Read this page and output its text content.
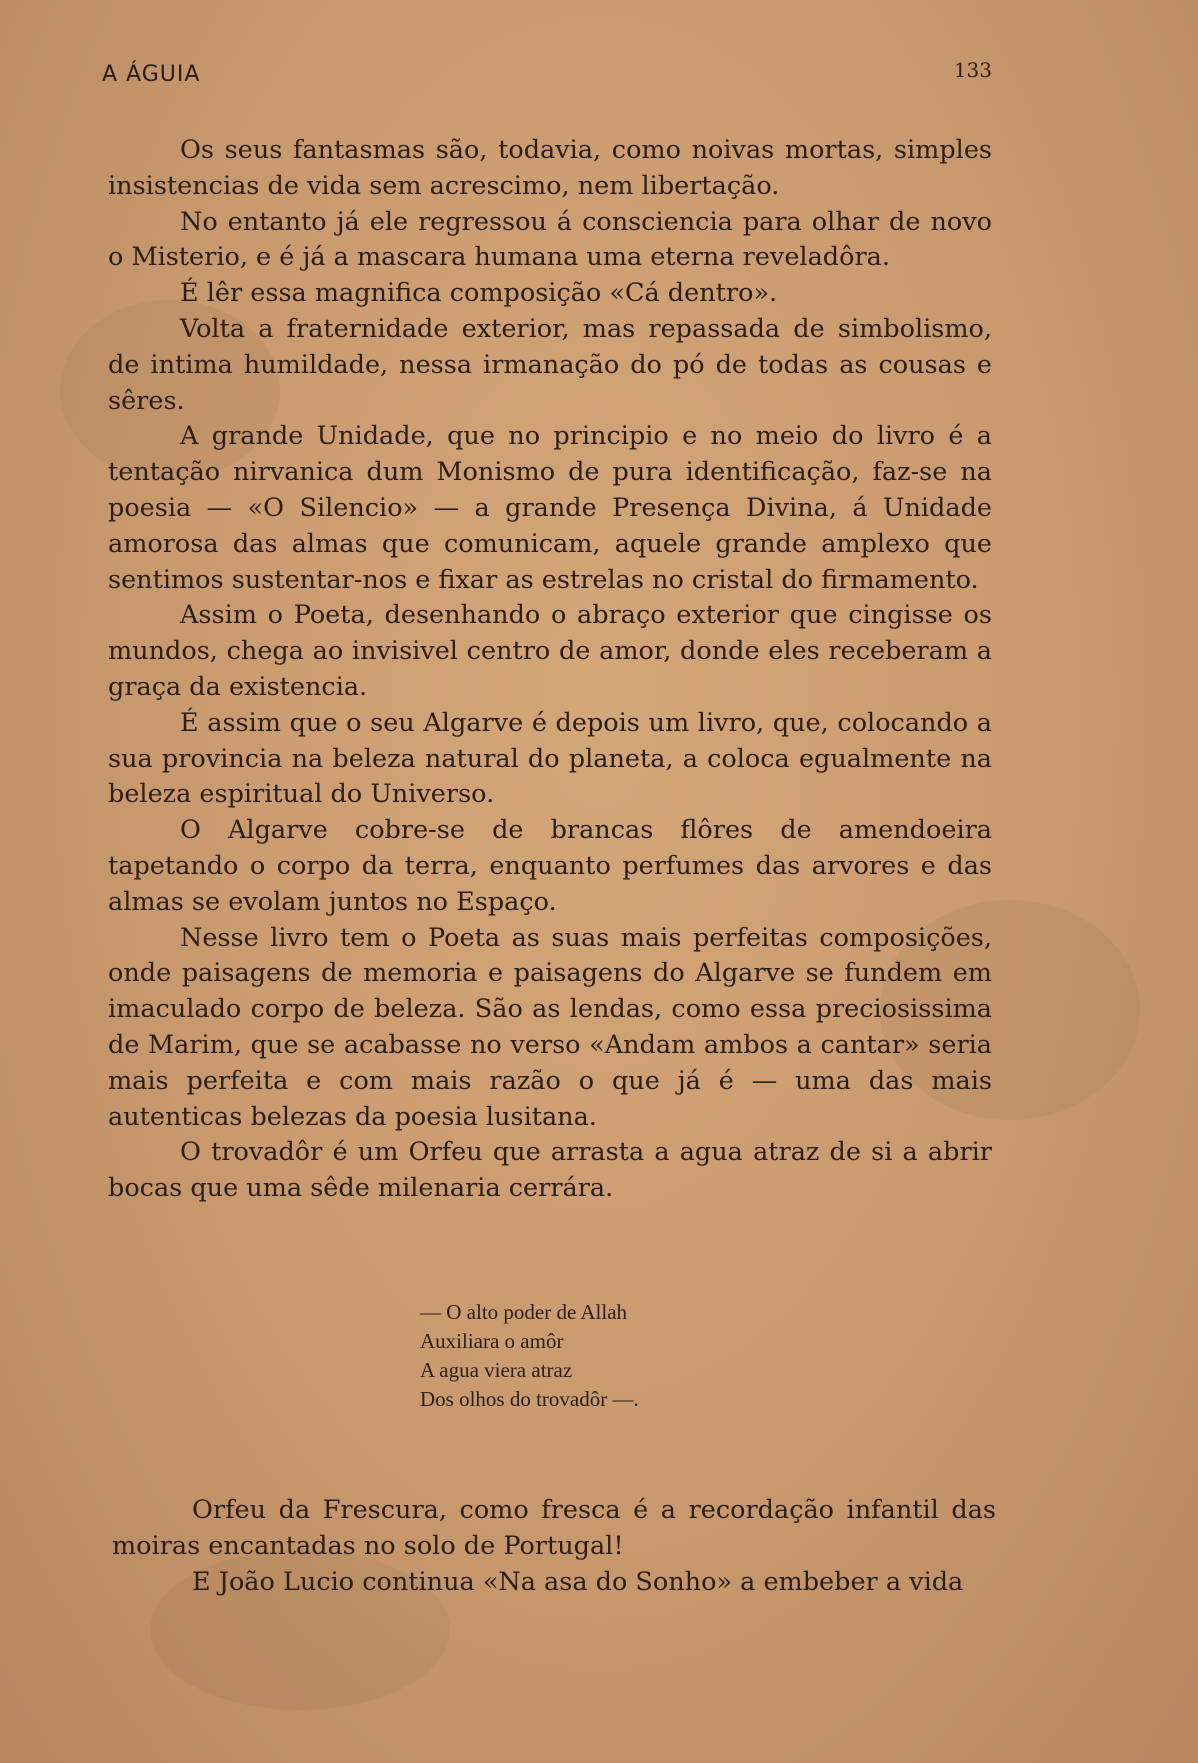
A ÁGUIA	133

Os seus fantasmas são, todavia, como noivas mortas, simples insistencias de vida sem acrescimo, nem libertação.

No entanto já ele regressou á consciencia para olhar de novo o Misterio, e é já a mascara humana uma eterna reveladôra.

É lêr essa magnifica composição «Cá dentro».

Volta a fraternidade exterior, mas repassada de simbolismo, de intima humildade, nessa irmanação do pó de todas as cousas e sêres.

A grande Unidade, que no principio e no meio do livro é a tentação nirvanica dum Monismo de pura identificação, faz-se na poesia — «O Silencio» — a grande Presença Divina, á Unidade amorosa das almas que comunicam, aquele grande amplexo que sentimos sustentar-nos e fixar as estrelas no cristal do firmamento.

Assim o Poeta, desenhando o abraço exterior que cingisse os mundos, chega ao invisivel centro de amor, donde eles receberam a graça da existencia.

É assim que o seu Algarve é depois um livro, que, colocando a sua provincia na beleza natural do planeta, a coloca egualmente na beleza espiritual do Universo.

O Algarve cobre-se de brancas flôres de amendoeira tapetando o corpo da terra, enquanto perfumes das arvores e das almas se evolam juntos no Espaço.

Nesse livro tem o Poeta as suas mais perfeitas composições, onde paisagens de memoria e paisagens do Algarve se fundem em imaculado corpo de beleza. São as lendas, como essa preciosissima de Marim, que se acabasse no verso «Andam ambos a cantar» seria mais perfeita e com mais razão o que já é — uma das mais autenticas belezas da poesia lusitana.

O trovadôr é um Orfeu que arrasta a agua atraz de si a abrir bocas que uma sêde milenaria cerrára.

— O alto poder de Allah
Auxiliara o amôr
A agua viera atraz
Dos olhos do trovadôr —.

Orfeu da Frescura, como fresca é a recordação infantil das moiras encantadas no solo de Portugal!

E João Lucio continua «Na asa do Sonho» a embeber a vida
